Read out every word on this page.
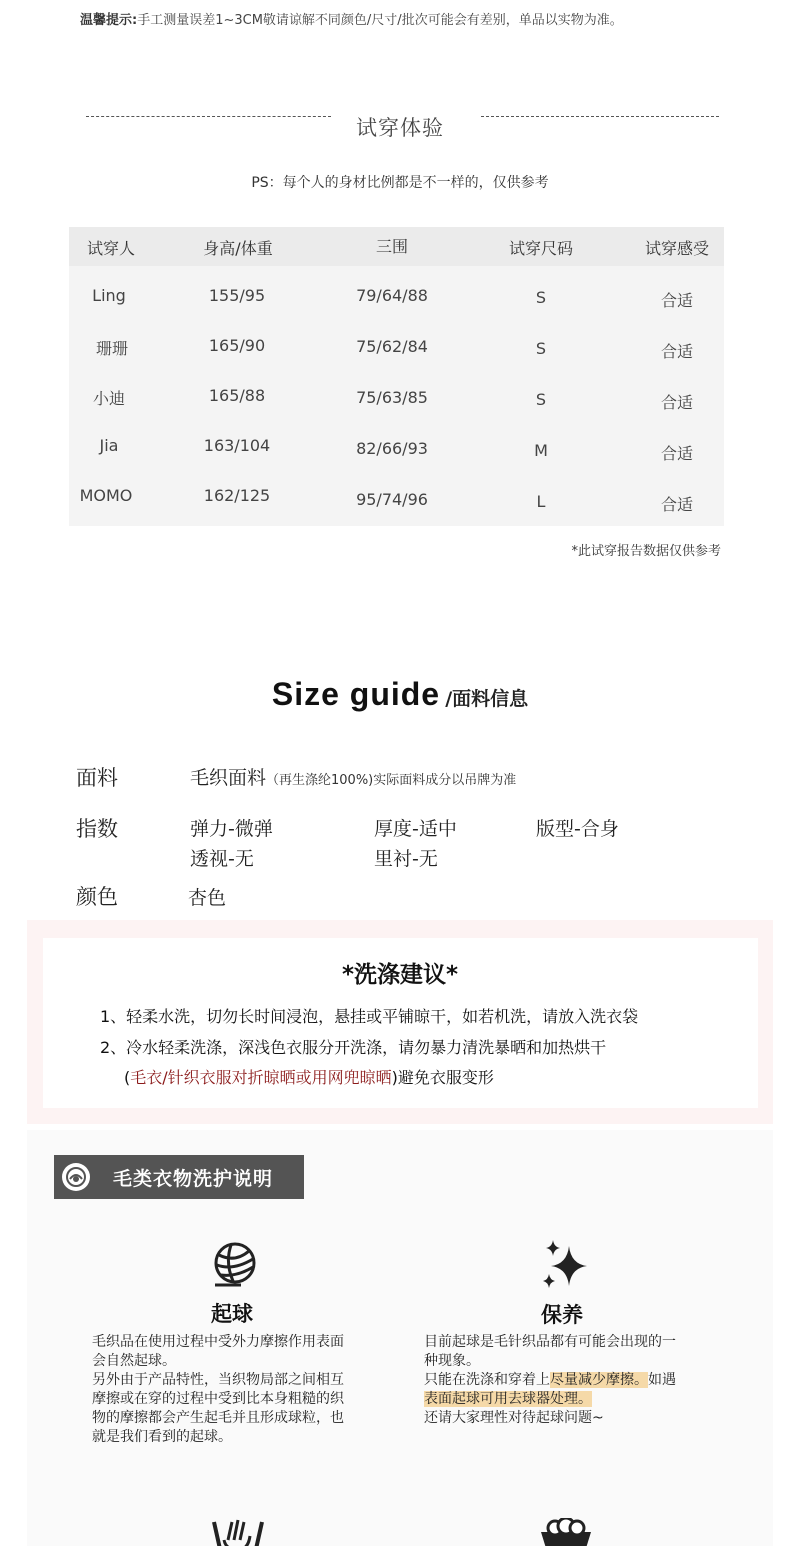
温馨提示:手工测量误差1~3CM敬请谅解不同颜色/尺寸/批次可能会有差别，单品以实物为准。
试穿体验
PS：每个人的身材比例都是不一样的，仅供参考
试穿人	身高/体重	三围	试穿尺码	试穿感受
Ling	155/95	79/64/88	S	合适
珊珊	165/90	75/62/84	S	合适
小迪	165/88	75/63/85	S	合适
Jia	163/104	82/66/93	M	合适
MOMO	162/125	95/74/96	L	合适
*此试穿报告数据仅供参考
Size guide /面料信息
面料	毛织面料（再生涤纶100%)实际面料成分以吊牌为准
指数	弹力-微弹	厚度-适中	版型-合身
透视-无	里衬-无
颜色	杏色
*洗涤建议*
1、轻柔水洗，切勿长时间浸泡，悬挂或平铺晾干，如若机洗，请放入洗衣袋
2、冷水轻柔洗涤，深浅色衣服分开洗涤，请勿暴力清洗暴晒和加热烘干
(毛衣/针织衣服对折晾晒或用网兜晾晒)避免衣服变形
毛类衣物洗护说明
起球
毛织品在使用过程中受外力摩擦作用表面
会自然起球。
另外由于产品特性，当织物局部之间相互
摩擦或在穿的过程中受到比本身粗糙的织
物的摩擦都会产生起毛并且形成球粒，也
就是我们看到的起球。
保养
目前起球是毛针织品都有可能会出现的一
种现象。
只能在洗涤和穿着上尽量减少摩擦。如遇
表面起球可用去球器处理。
还请大家理性对待起球问题~
